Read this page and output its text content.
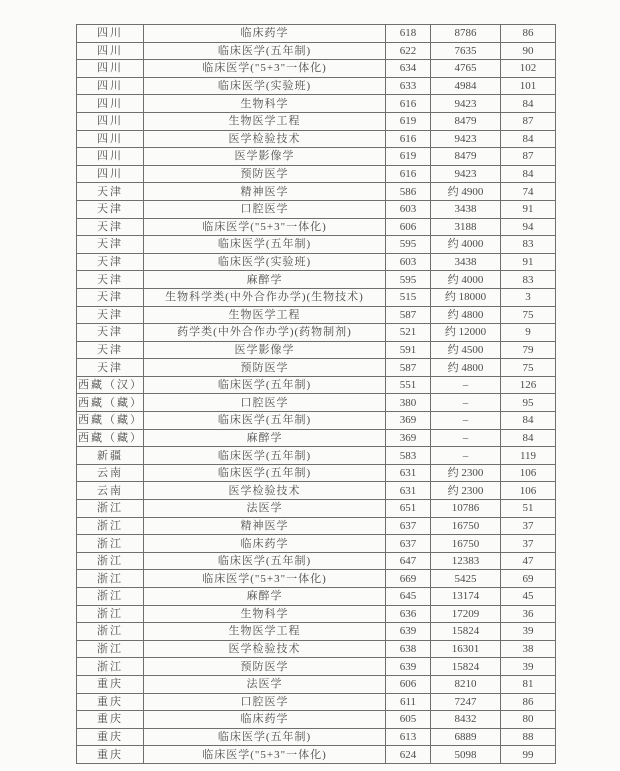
四川	临床药学	618	8786	86
四川	临床医学(五年制)	622	7635	90
四川	临床医学("5+3"一体化)	634	4765	102
四川	临床医学(实验班)	633	4984	101
四川	生物科学	616	9423	84
四川	生物医学工程	619	8479	87
四川	医学检验技术	616	9423	84
四川	医学影像学	619	8479	87
四川	预防医学	616	9423	84
天津	精神医学	586	约 4900	74
天津	口腔医学	603	3438	91
天津	临床医学("5+3"一体化)	606	3188	94
天津	临床医学(五年制)	595	约 4000	83
天津	临床医学(实验班)	603	3438	91
天津	麻醉学	595	约 4000	83
天津	生物科学类(中外合作办学)(生物技术)	515	约 18000	3
天津	生物医学工程	587	约 4800	75
天津	药学类(中外合作办学)(药物制剂)	521	约 12000	9
天津	医学影像学	591	约 4500	79
天津	预防医学	587	约 4800	75
西藏（汉）	临床医学(五年制)	551	–	126
西藏（藏）	口腔医学	380	–	95
西藏（藏）	临床医学(五年制)	369	–	84
西藏（藏）	麻醉学	369	–	84
新疆	临床医学(五年制)	583	–	119
云南	临床医学(五年制)	631	约 2300	106
云南	医学检验技术	631	约 2300	106
浙江	法医学	651	10786	51
浙江	精神医学	637	16750	37
浙江	临床药学	637	16750	37
浙江	临床医学(五年制)	647	12383	47
浙江	临床医学("5+3"一体化)	669	5425	69
浙江	麻醉学	645	13174	45
浙江	生物科学	636	17209	36
浙江	生物医学工程	639	15824	39
浙江	医学检验技术	638	16301	38
浙江	预防医学	639	15824	39
重庆	法医学	606	8210	81
重庆	口腔医学	611	7247	86
重庆	临床药学	605	8432	80
重庆	临床医学(五年制)	613	6889	88
重庆	临床医学("5+3"一体化)	624	5098	99
